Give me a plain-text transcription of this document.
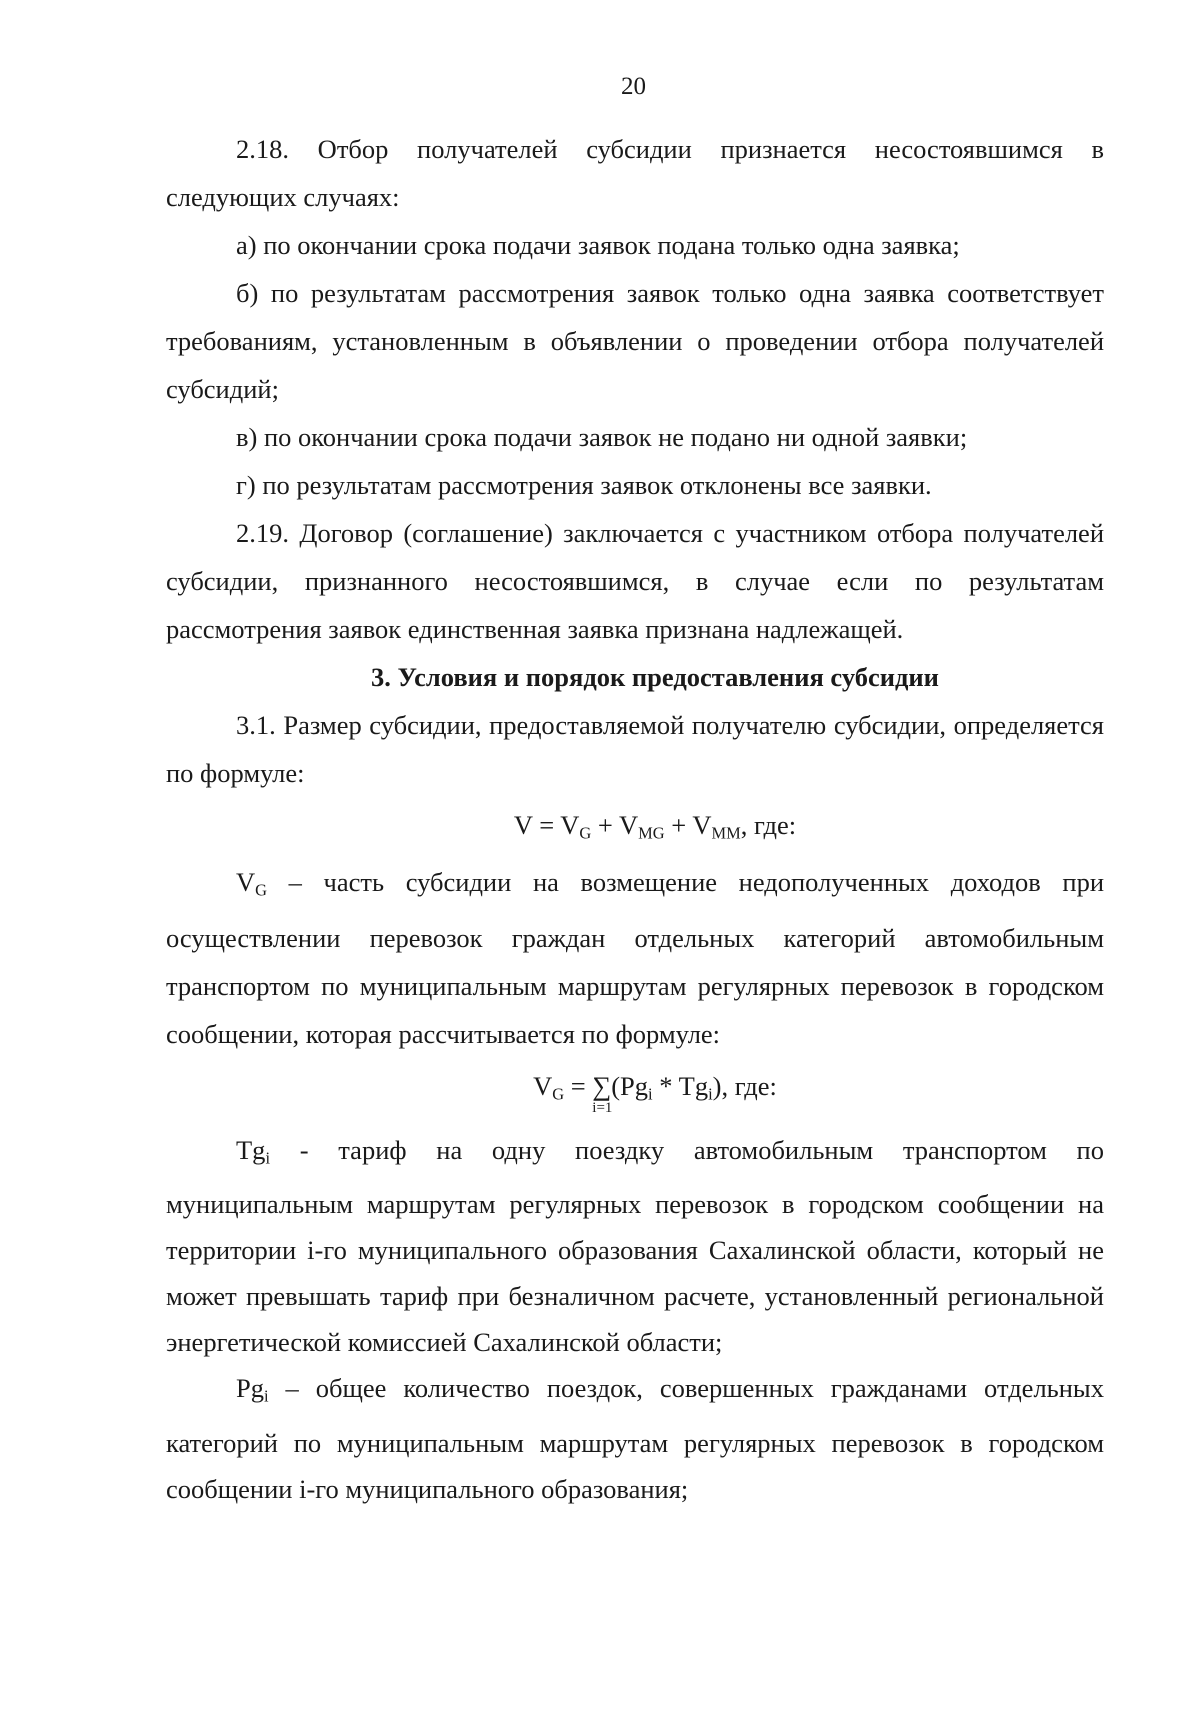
20

2.18. Отбор получателей субсидии признается несостоявшимся в следующих случаях:

а) по окончании срока подачи заявок подана только одна заявка;

б) по результатам рассмотрения заявок только одна заявка соответствует требованиям, установленным в объявлении о проведении отбора получателей субсидий;

в) по окончании срока подачи заявок не подано ни одной заявки;

г) по результатам рассмотрения заявок отклонены все заявки.

2.19. Договор (соглашение) заключается с участником отбора получателей субсидии, признанного несостоявшимся, в случае если по результатам рассмотрения заявок единственная заявка признана надлежащей.

3. Условия и порядок предоставления субсидии

3.1. Размер субсидии, предоставляемой получателю субсидии, определяется по формуле:

$V = V_G + V_{MG} + V_{MM}$, где:

$V_G$ – часть субсидии на возмещение недополученных доходов при осуществлении перевозок граждан отдельных категорий автомобильным транспортом по муниципальным маршрутам регулярных перевозок в городском сообщении, которая рассчитывается по формуле:

$V_G$ = ∑
i=1
$(Pg_i * Tg_i)$, где:

$Tg_i$ - тариф на одну поездку автомобильным транспортом по муниципальным маршрутам регулярных перевозок в городском сообщении на территории i-го муниципального образования Сахалинской области, который не может превышать тариф при безналичном расчете, установленный региональной энергетической комиссией Сахалинской области;

$Pg_i$ – общее количество поездок, совершенных гражданами отдельных категорий по муниципальным маршрутам регулярных перевозок в городском сообщении i-го муниципального образования;
